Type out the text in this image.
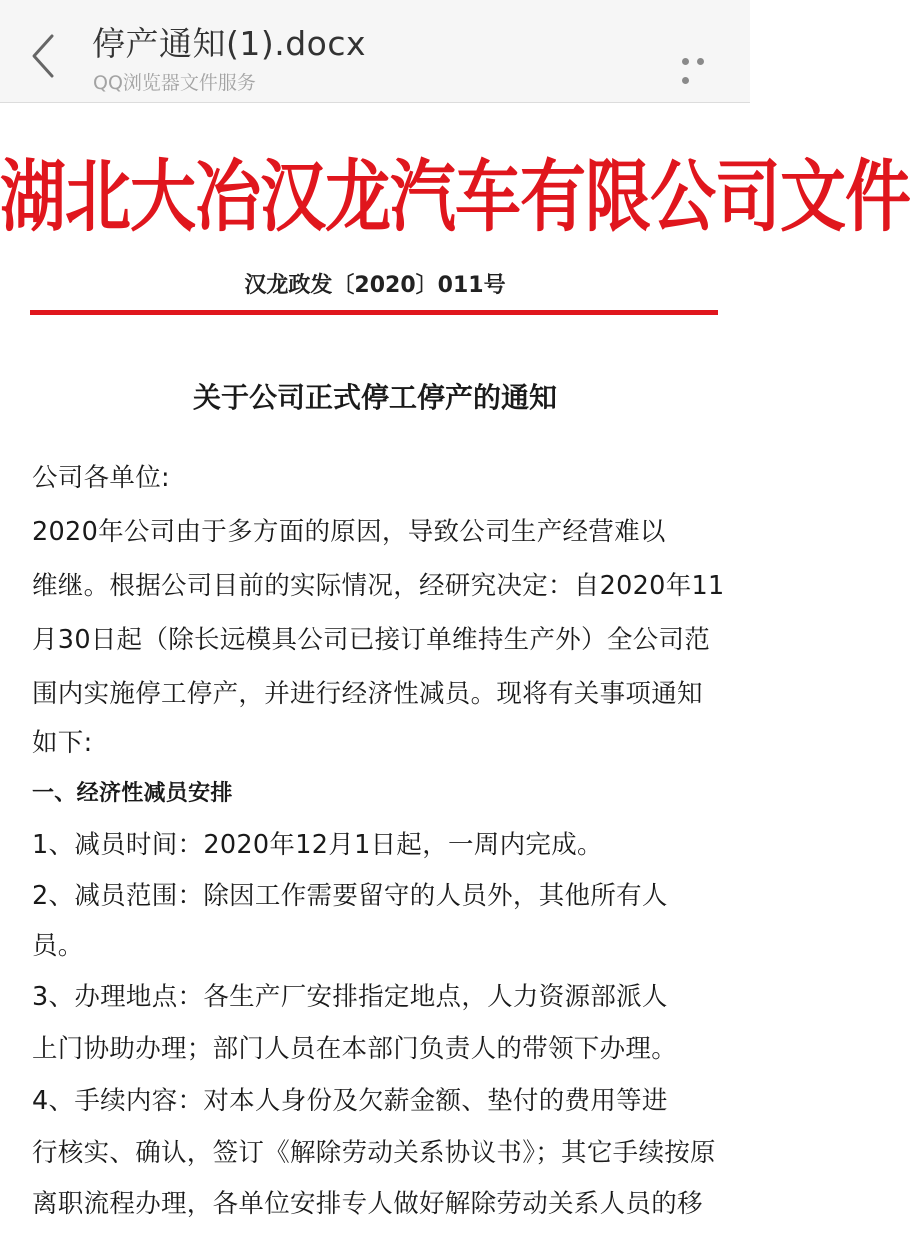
停产通知(1).docx
QQ浏览器文件服务
湖北大冶汉龙汽车有限公司文件
汉龙政发〔2020〕011号
关于公司正式停工停产的通知
公司各单位:
2020年公司由于多方面的原因，导致公司生产经营难以
维继。根据公司目前的实际情况，经研究决定：自2020年11
月30日起（除长远模具公司已接订单维持生产外）全公司范
围内实施停工停产，并进行经济性减员。现将有关事项通知
如下:
一、经济性减员安排
1、减员时间：2020年12月1日起，一周内完成。
2、减员范围：除因工作需要留守的人员外，其他所有人
员。
3、办理地点：各生产厂安排指定地点，人力资源部派人
上门协助办理；部门人员在本部门负责人的带领下办理。
4、手续内容：对本人身份及欠薪金额、垫付的费用等进
行核实、确认，签订《解除劳动关系协议书》；其它手续按原
离职流程办理，各单位安排专人做好解除劳动关系人员的移
